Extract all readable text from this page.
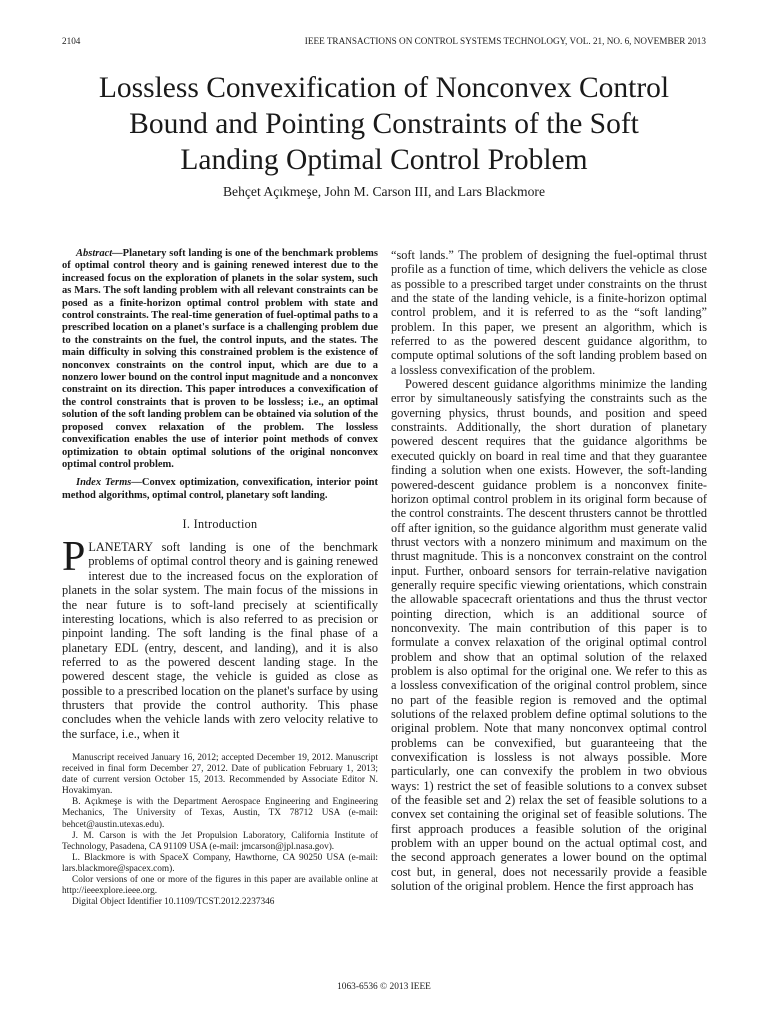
2104	IEEE TRANSACTIONS ON CONTROL SYSTEMS TECHNOLOGY, VOL. 21, NO. 6, NOVEMBER 2013
Lossless Convexification of Nonconvex Control
Bound and Pointing Constraints of the Soft
Landing Optimal Control Problem
Behçet Açıkmeşe, John M. Carson III, and Lars Blackmore

Abstract—Planetary soft landing is one of the benchmark problems of optimal control theory and is gaining renewed interest due to the increased focus on the exploration of planets in the solar system, such as Mars. The soft landing problem with all relevant constraints can be posed as a finite-horizon optimal control problem with state and control constraints. The real-time generation of fuel-optimal paths to a prescribed location on a planet's surface is a challenging problem due to the constraints on the fuel, the control inputs, and the states. The main difficulty in solving this constrained problem is the existence of nonconvex constraints on the control input, which are due to a nonzero lower bound on the control input magnitude and a nonconvex constraint on its direction. This paper introduces a convexification of the control constraints that is proven to be lossless; i.e., an optimal solution of the soft landing problem can be obtained via solution of the proposed convex relaxation of the problem. The lossless convexification enables the use of interior point methods of convex optimization to obtain optimal solutions of the original nonconvex optimal control problem.

Index Terms—Convex optimization, convexification, interior point method algorithms, optimal control, planetary soft landing.

I. Introduction

PLANETARY soft landing is one of the benchmark problems of optimal control theory and is gaining renewed interest due to the increased focus on the exploration of planets in the solar system. The main focus of the missions in the near future is to soft-land precisely at scientifically interesting locations, which is also referred to as precision or pinpoint landing. The soft landing is the final phase of a planetary EDL (entry, descent, and landing), and it is also referred to as the powered descent landing stage. In the powered descent stage, the vehicle is guided as close as possible to a prescribed location on the planet's surface by using thrusters that provide the control authority. This phase concludes when the vehicle lands with zero velocity relative to the surface, i.e., when it

Manuscript received January 16, 2012; accepted December 19, 2012. Manuscript received in final form December 27, 2012. Date of publication February 1, 2013; date of current version October 15, 2013. Recommended by Associate Editor N. Hovakimyan.

B. Açıkmeşe is with the Department Aerospace Engineering and Engineering Mechanics, The University of Texas, Austin, TX 78712 USA (e-mail: behcet@austin.utexas.edu).

J. M. Carson is with the Jet Propulsion Laboratory, California Institute of Technology, Pasadena, CA 91109 USA (e-mail: jmcarson@jpl.nasa.gov).

L. Blackmore is with SpaceX Company, Hawthorne, CA 90250 USA (e-mail: lars.blackmore@spacex.com).

Color versions of one or more of the figures in this paper are available online at http://ieeexplore.ieee.org.

Digital Object Identifier 10.1109/TCST.2012.2237346

“soft lands.” The problem of designing the fuel-optimal thrust profile as a function of time, which delivers the vehicle as close as possible to a prescribed target under constraints on the thrust and the state of the landing vehicle, is a finite-horizon optimal control problem, and it is referred to as the “soft landing” problem. In this paper, we present an algorithm, which is referred to as the powered descent guidance algorithm, to compute optimal solutions of the soft landing problem based on a lossless convexification of the problem.

Powered descent guidance algorithms minimize the landing error by simultaneously satisfying the constraints such as the governing physics, thrust bounds, and position and speed constraints. Additionally, the short duration of planetary powered descent requires that the guidance algorithms be executed quickly on board in real time and that they guarantee finding a solution when one exists. However, the soft-landing powered-descent guidance problem is a nonconvex finite-horizon optimal control problem in its original form because of the control constraints. The descent thrusters cannot be throttled off after ignition, so the guidance algorithm must generate valid thrust vectors with a nonzero minimum and maximum on the thrust magnitude. This is a nonconvex constraint on the control input. Further, onboard sensors for terrain-relative navigation generally require specific viewing orientations, which constrain the allowable spacecraft orientations and thus the thrust vector pointing direction, which is an additional source of nonconvexity. The main contribution of this paper is to formulate a convex relaxation of the original optimal control problem and show that an optimal solution of the relaxed problem is also optimal for the original one. We refer to this as a lossless convexification of the original control problem, since no part of the feasible region is removed and the optimal solutions of the relaxed problem define optimal solutions to the original problem. Note that many nonconvex optimal control problems can be convexified, but guaranteeing that the convexification is lossless is not always possible. More particularly, one can convexify the problem in two obvious ways: 1) restrict the set of feasible solutions to a convex subset of the feasible set and 2) relax the set of feasible solutions to a convex set containing the original set of feasible solutions. The first approach produces a feasible solution of the original problem with an upper bound on the actual optimal cost, and the second approach generates a lower bound on the optimal cost but, in general, does not necessarily provide a feasible solution of the original problem. Hence the first approach has

1063-6536 © 2013 IEEE
